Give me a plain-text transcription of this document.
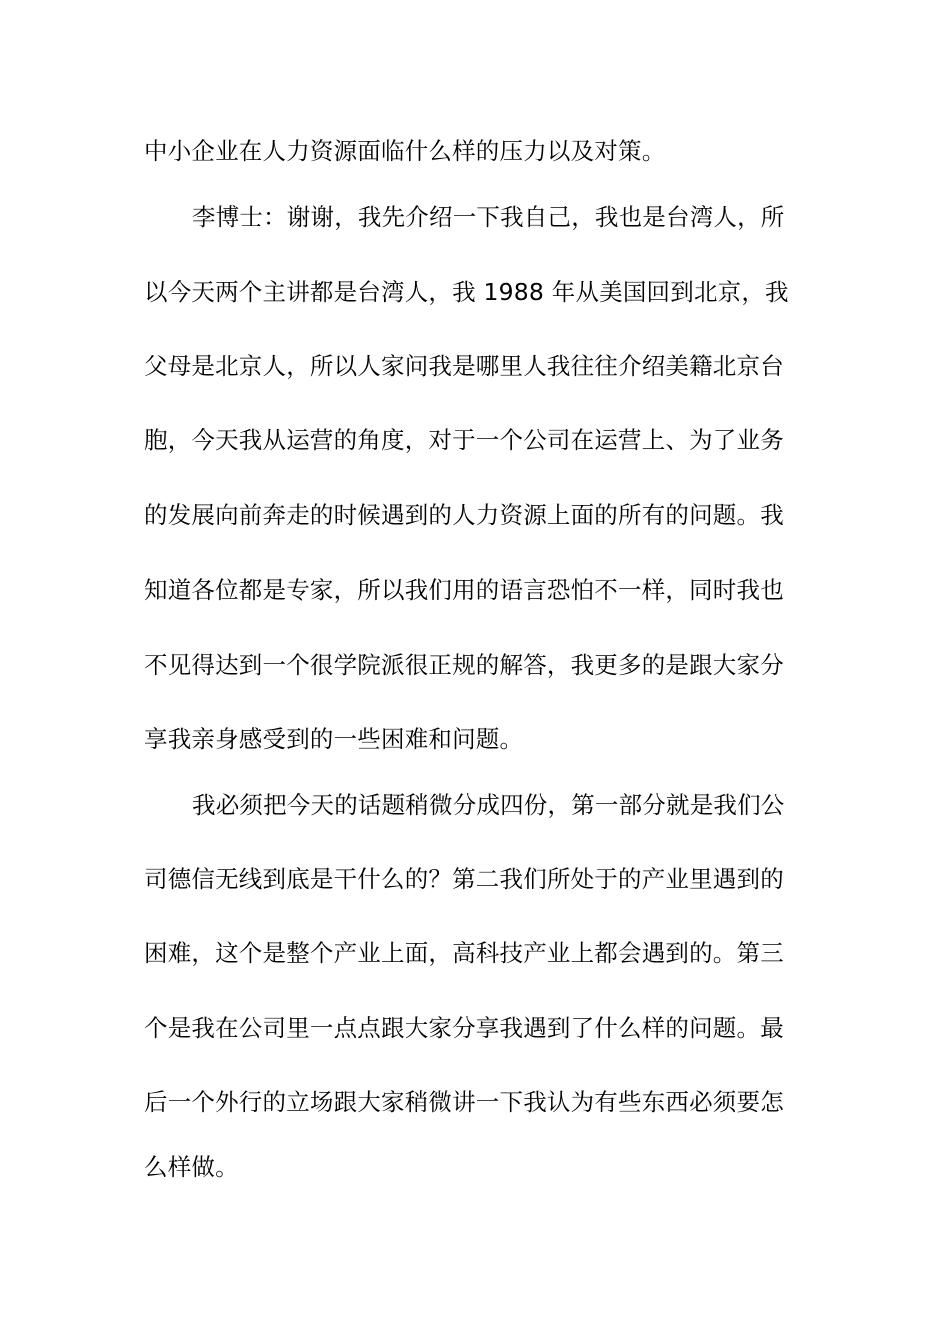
中小企业在人力资源面临什么样的压力以及对策。
李博士：谢谢，我先介绍一下我自己，我也是台湾人，所
以今天两个主讲都是台湾人，我 1988 年从美国回到北京，我
父母是北京人，所以人家问我是哪里人我往往介绍美籍北京台
胞，今天我从运营的角度，对于一个公司在运营上、为了业务
的发展向前奔走的时候遇到的人力资源上面的所有的问题。我
知道各位都是专家，所以我们用的语言恐怕不一样，同时我也
不见得达到一个很学院派很正规的解答，我更多的是跟大家分
享我亲身感受到的一些困难和问题。
我必须把今天的话题稍微分成四份，第一部分就是我们公
司德信无线到底是干什么的？第二我们所处于的产业里遇到的
困难，这个是整个产业上面，高科技产业上都会遇到的。第三
个是我在公司里一点点跟大家分享我遇到了什么样的问题。最
后一个外行的立场跟大家稍微讲一下我认为有些东西必须要怎
么样做。
